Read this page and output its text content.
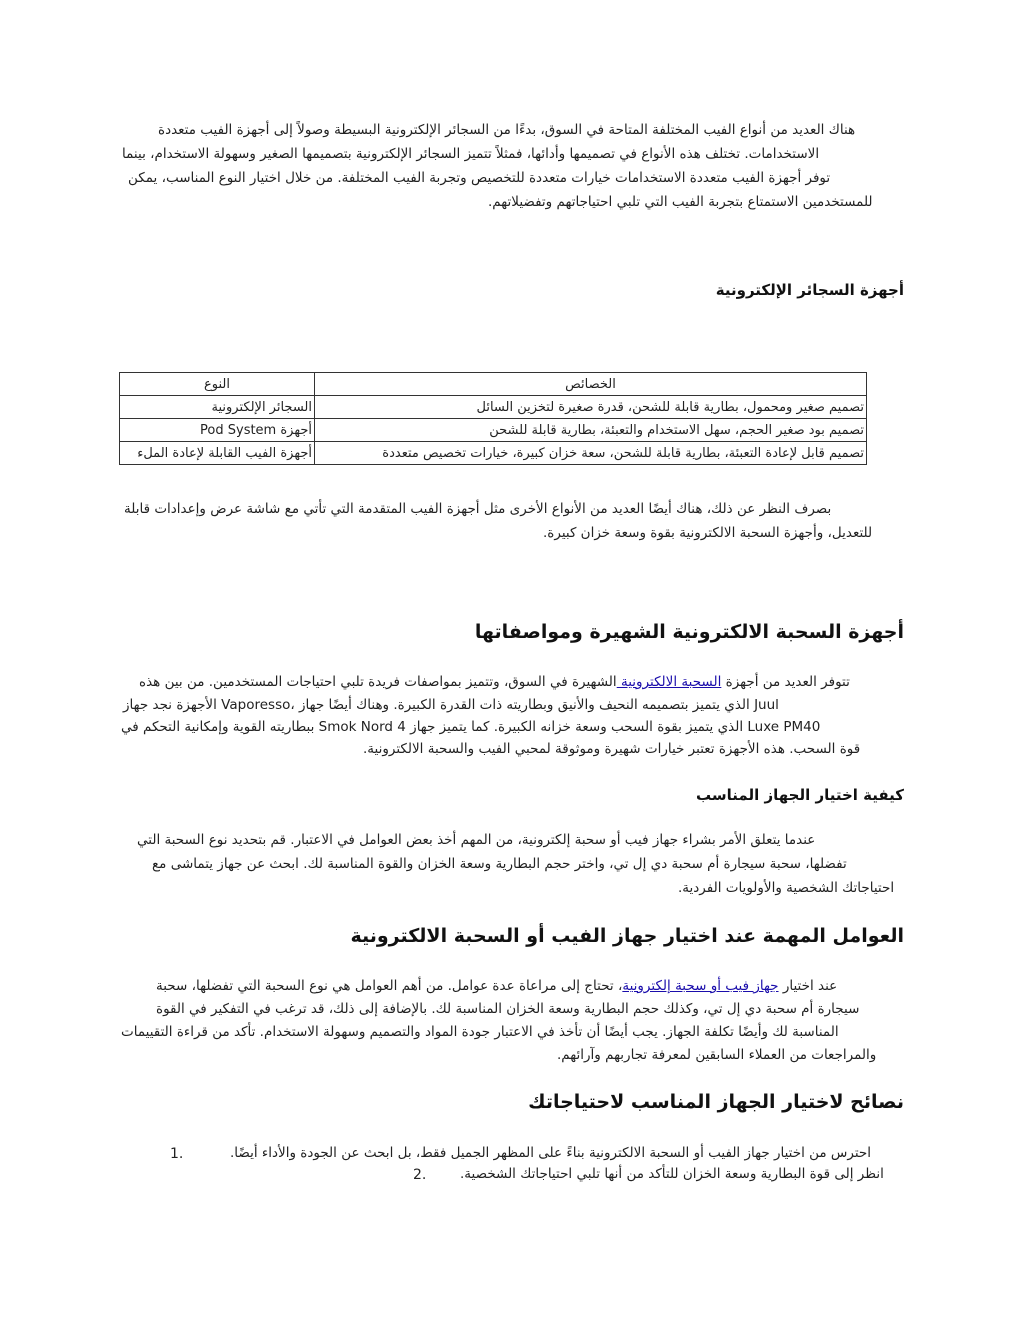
هناك العديد من أنواع الفيب المختلفة المتاحة في السوق، بدءًا من السجائر الإلكترونية البسيطة وصولاً إلى أجهزة الفيب متعددة
الاستخدامات. تختلف هذه الأنواع في تصميمها وأدائها، فمثلاً تتميز السجائر الإلكترونية بتصميمها الصغير وسهولة الاستخدام، بينما
توفر أجهزة الفيب متعددة الاستخدامات خيارات متعددة للتخصيص وتجربة الفيب المختلفة. من خلال اختيار النوع المناسب، يمكن
.للمستخدمين الاستمتاع بتجربة الفيب التي تلبي احتياجاتهم وتفضيلاتهم
أجهزة السجائر الإلكترونية
الخصائص	النوع
تصميم صغير ومحمول، بطارية قابلة للشحن، قدرة صغيرة لتخزين السائل	السجائر الإلكترونية
تصميم بود صغير الحجم، سهل الاستخدام والتعبئة، بطارية قابلة للشحن	أجهزة Pod System
تصميم قابل لإعادة التعبئة، بطارية قابلة للشحن، سعة خزان كبيرة، خيارات تخصيص متعددة	أجهزة الفيب القابلة لإعادة الملء
بصرف النظر عن ذلك، هناك أيضًا العديد من الأنواع الأخرى مثل أجهزة الفيب المتقدمة التي تأتي مع شاشة عرض وإعدادات قابلة
.للتعديل، وأجهزة السحبة الالكترونية بقوة وسعة خزان كبيرة
أجهزة السحبة الالكترونية الشهيرة ومواصفاتها
تتوفر العديد من أجهزة السحبة الالكترونية الشهيرة في السوق، وتتميز بمواصفات فريدة تلبي احتياجات المستخدمين. من بين هذه
الأجهزة نجد جهاز Vaporesso، الذي يتميز بتصميمه النحيف والأنيق وبطاريته ذات القدرة الكبيرة. وهناك أيضًا جهاز Juul
ببطاريته القوية وإمكانية التحكم في Smok Nord 4 الذي يتميز بقوة السحب وسعة خزانه الكبيرة. كما يتميز جهاز Luxe PM40
.قوة السحب. هذه الأجهزة تعتبر خيارات شهيرة وموثوقة لمحبي الفيب والسحبة الالكترونية
كيفية اختيار الجهاز المناسب
عندما يتعلق الأمر بشراء جهاز فيب أو سحبة إلكترونية، من المهم أخذ بعض العوامل في الاعتبار. قم بتحديد نوع السحبة التي
تفضلها، سحبة سيجارة أم سحبة دي إل تي، واختر حجم البطارية وسعة الخزان والقوة المناسبة لك. ابحث عن جهاز يتماشى مع
.احتياجاتك الشخصية والأولويات الفردية
العوامل المهمة عند اختيار جهاز الفيب أو السحبة الالكترونية
عند اختيار جهاز فيب أو سحبة إلكترونية، تحتاج إلى مراعاة عدة عوامل. من أهم العوامل هي نوع السحبة التي تفضلها، سحبة
سيجارة أم سحبة دي إل تي، وكذلك حجم البطارية وسعة الخزان المناسبة لك. بالإضافة إلى ذلك، قد ترغب في التفكير في القوة
المناسبة لك وأيضًا تكلفة الجهاز. يجب أيضًا أن تأخذ في الاعتبار جودة المواد والتصميم وسهولة الاستخدام. تأكد من قراءة التقييمات
.والمراجعات من العملاء السابقين لمعرفة تجاربهم وآرائهم
نصائح لاختيار الجهاز المناسب لاحتياجاتك
1.	.احترس من اختيار جهاز الفيب أو السحبة الالكترونية بناءً على المظهر الجميل فقط، بل ابحث عن الجودة والأداء أيضًا
2. .انظر إلى قوة البطارية وسعة الخزان للتأكد من أنها تلبي احتياجاتك الشخصية
